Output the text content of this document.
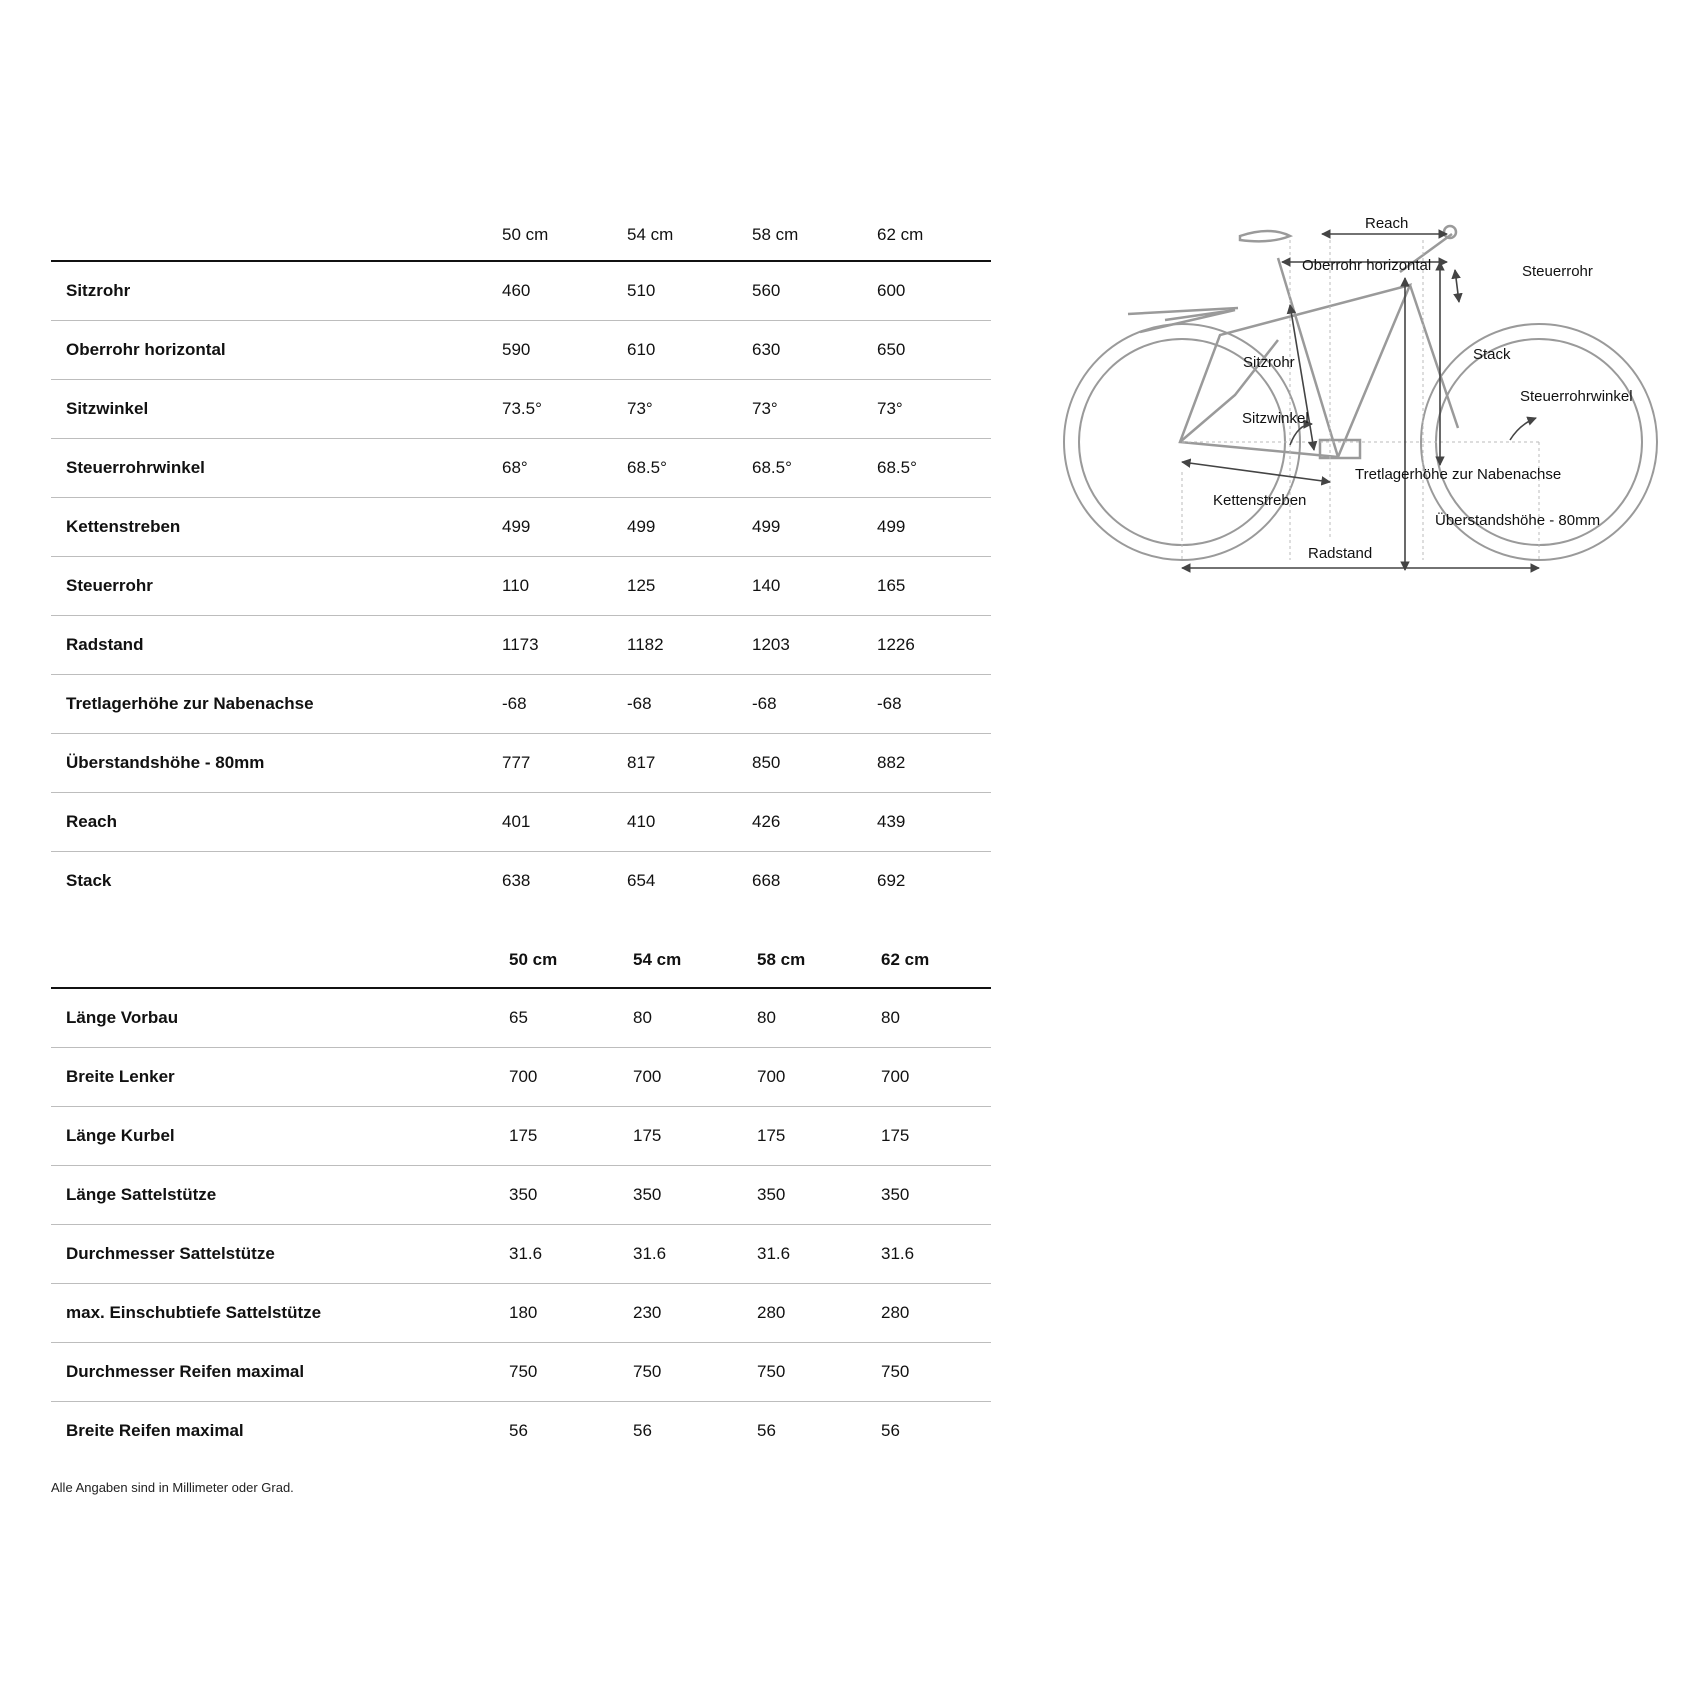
	50 cm	54 cm	58 cm	62 cm
Sitzrohr	460	510	560	600
Oberrohr horizontal	590	610	630	650
Sitzwinkel	73.5°	73°	73°	73°
Steuerrohrwinkel	68°	68.5°	68.5°	68.5°
Kettenstreben	499	499	499	499
Steuerrohr	110	125	140	165
Radstand	1173	1182	1203	1226
Tretlagerhöhe zur Nabenachse	-68	-68	-68	-68
Überstandshöhe - 80mm	777	817	850	882
Reach	401	410	426	439
Stack	638	654	668	692
	50 cm	54 cm	58 cm	62 cm
Länge Vorbau	65	80	80	80
Breite Lenker	700	700	700	700
Länge Kurbel	175	175	175	175
Länge Sattelstütze	350	350	350	350
Durchmesser Sattelstütze	31.6	31.6	31.6	31.6
max. Einschubtiefe Sattelstütze	180	230	280	280
Durchmesser Reifen maximal	750	750	750	750
Breite Reifen maximal	56	56	56	56
Alle Angaben sind in Millimeter oder Grad.
Reach
Oberrohr horizontal	Steuerrohr
Sitzrohr	Stack
Steuerrohrwinkel
Sitzwinkel
Tretlagerhöhe zur Nabenachse
Kettenstreben
Überstandshöhe - 80mm
Radstand
